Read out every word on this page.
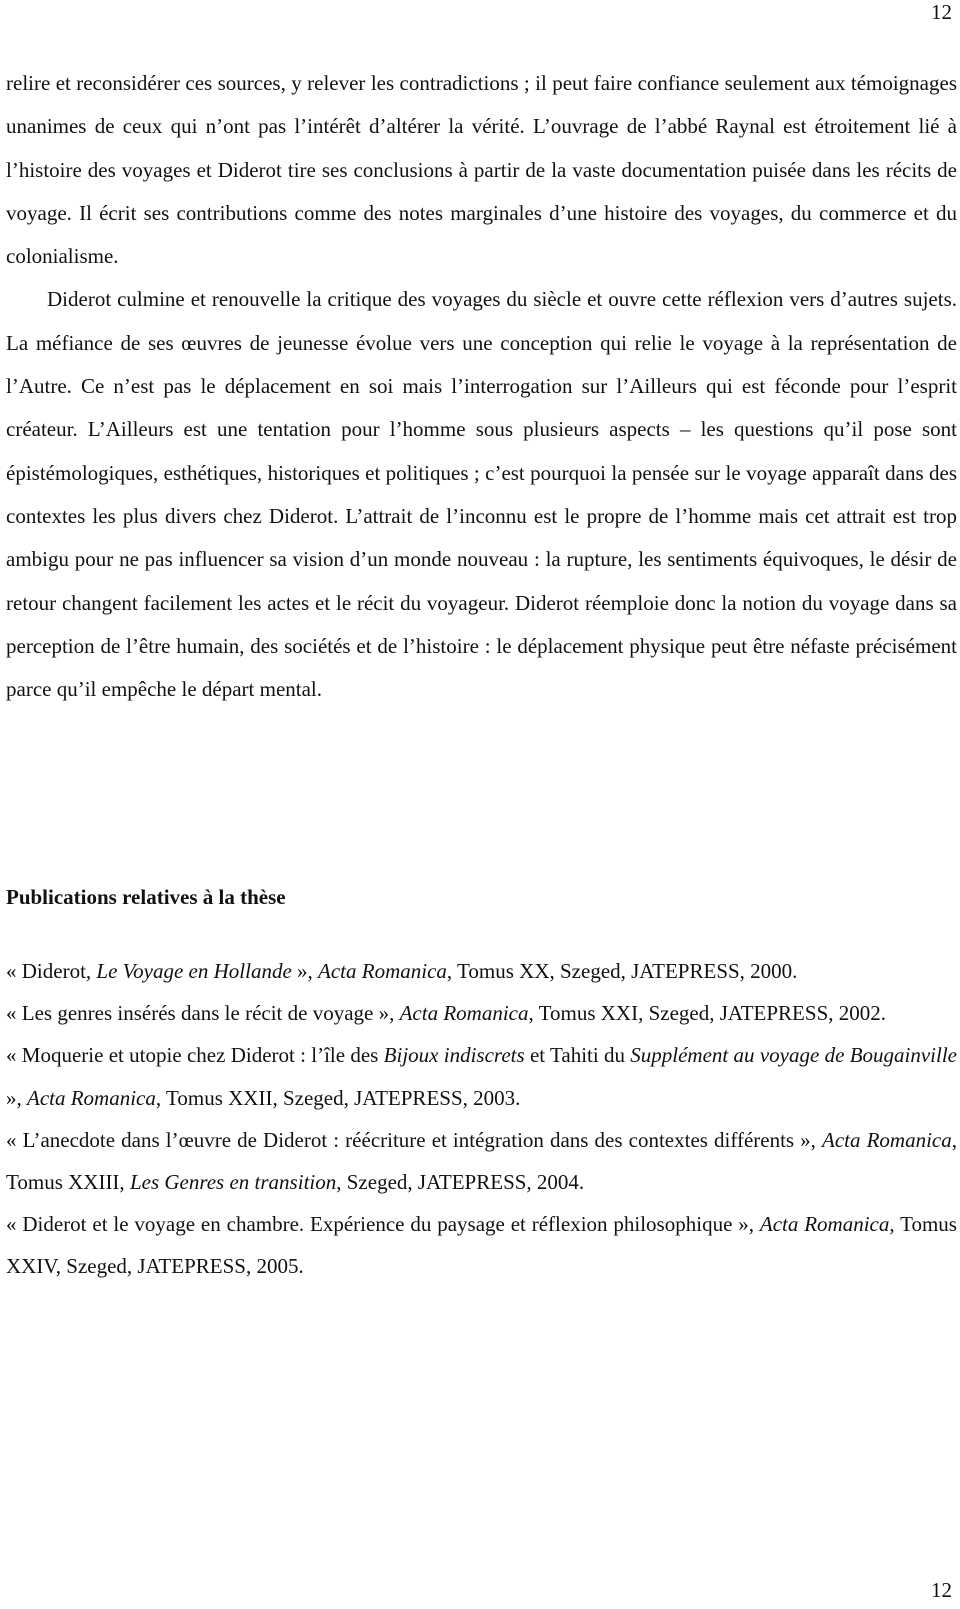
12

relire et reconsidérer ces sources, y relever les contradictions ; il peut faire confiance seulement aux témoignages unanimes de ceux qui n’ont pas l’intérêt d’altérer la vérité. L’ouvrage de l’abbé Raynal est étroitement lié à l’histoire des voyages et Diderot tire ses conclusions à partir de la vaste documentation puisée dans les récits de voyage. Il écrit ses contributions comme des notes marginales d’une histoire des voyages, du commerce et du colonialisme.

Diderot culmine et renouvelle la critique des voyages du siècle et ouvre cette réflexion vers d’autres sujets. La méfiance de ses œuvres de jeunesse évolue vers une conception qui relie le voyage à la représentation de l’Autre. Ce n’est pas le déplacement en soi mais l’interrogation sur l’Ailleurs qui est féconde pour l’esprit créateur. L’Ailleurs est une tentation pour l’homme sous plusieurs aspects – les questions qu’il pose sont épistémologiques, esthétiques, historiques et politiques ; c’est pourquoi la pensée sur le voyage apparaît dans des contextes les plus divers chez Diderot. L’attrait de l’inconnu est le propre de l’homme mais cet attrait est trop ambigu pour ne pas influencer sa vision d’un monde nouveau : la rupture, les sentiments équivoques, le désir de retour changent facilement les actes et le récit du voyageur. Diderot réemploie donc la notion du voyage dans sa perception de l’être humain, des sociétés et de l’histoire : le déplacement physique peut être néfaste précisément parce qu’il empêche le départ mental.

Publications relatives à la thèse

« Diderot, Le Voyage en Hollande », Acta Romanica, Tomus XX, Szeged, JATEPRESS, 2000.

« Les genres insérés dans le récit de voyage », Acta Romanica, Tomus XXI, Szeged, JATEPRESS, 2002.

« Moquerie et utopie chez Diderot : l’île des Bijoux indiscrets et Tahiti du Supplément au voyage de Bougainville », Acta Romanica, Tomus XXII, Szeged, JATEPRESS, 2003.

« L’anecdote dans l’œuvre de Diderot : réécriture et intégration dans des contextes différents », Acta Romanica, Tomus XXIII, Les Genres en transition, Szeged, JATEPRESS, 2004.

« Diderot et le voyage en chambre. Expérience du paysage et réflexion philosophique », Acta Romanica, Tomus XXIV, Szeged, JATEPRESS, 2005.

12
